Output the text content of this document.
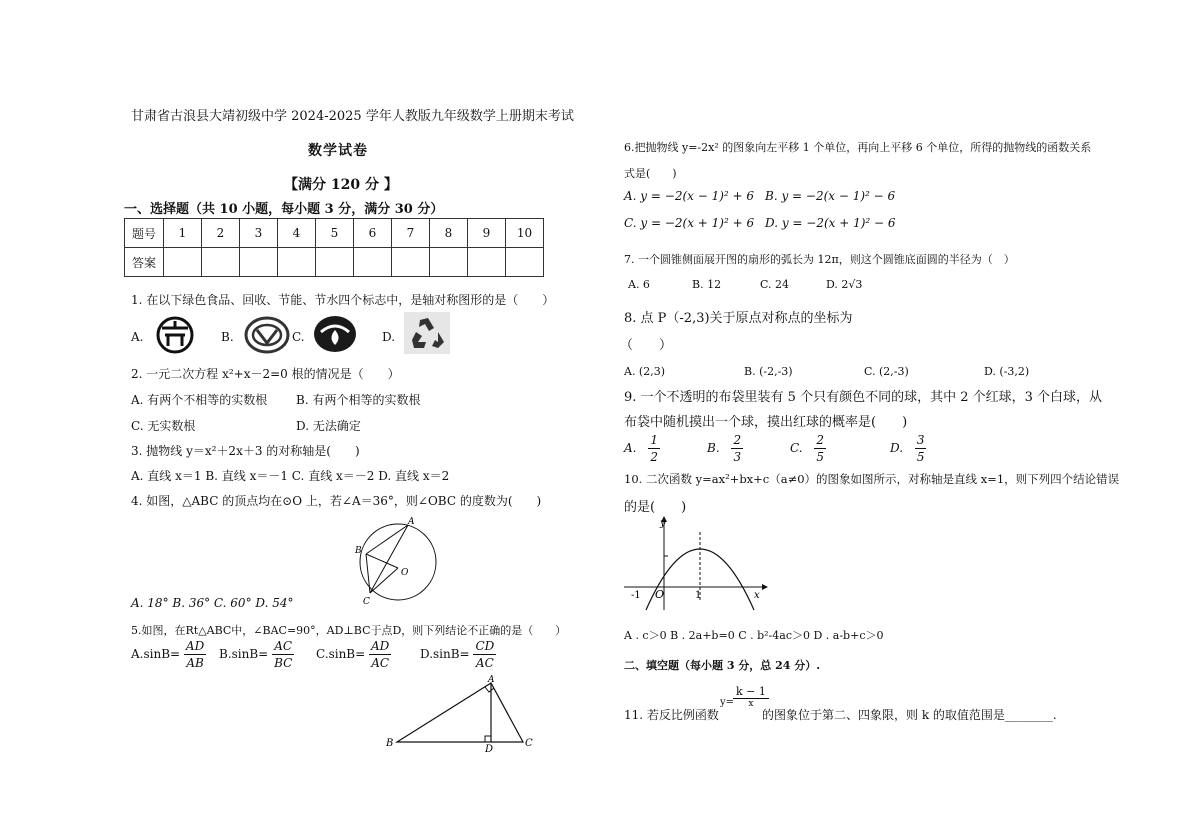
甘肃省古浪县大靖初级中学 2024-2025 学年人教版九年级数学上册期末考试
数学试卷
【满分 120 分 】
一、选择题（共 10 小题，每小题 3 分，满分 30 分）
题号	1	2	3	4	5	6	7	8	9	10
答案										
1. 在以下绿色食品、回收、节能、节水四个标志中，是轴对称图形的是（　　）
A.	B.	C.	D.
2. 一元二次方程 x²+x－2=0 根的情况是（　　）
A. 有两个不相等的实数根 B. 有两个相等的实数根
C. 无实数根	D. 无法确定
3. 抛物线 y＝x²＋2x＋3 的对称轴是(　　)
A. 直线 x＝1 B. 直线 x＝－1 C. 直线 x＝－2 D. 直线 x＝2
4. 如图，△ABC 的顶点均在⊙O 上，若∠A＝36°，则∠OBC 的度数为(　　)
A
B
C
O
A. 18° B. 36° C. 60° D. 54°
5.如图，在Rt△ABC中，∠BAC=90°，AD⊥BC于点D，则下列结论不正确的是（　　）
$A.\sin B= \frac{AD}{AB} B.\sin B= \frac{AC}{BC} C.\sin B= \frac{AD}{AC} D.\sin B= \frac{CD}{AC}$
B
A
C
D
6.把抛物线 y=-2x² 的图象向左平移 1 个单位，再向上平移 6 个单位，所得的抛物线的函数关系
式是(　　)
A. y = −2(x − 1)² + 6 B. y = −2(x − 1)² − 6
C. y = −2(x + 1)² + 6 D. y = −2(x + 1)² − 6
7. 一个圆锥侧面展开图的扇形的弧长为 12π，则这个圆锥底面圆的半径为（　）
A. 6	B. 12	C. 24	D. 2√3
8. 点 P（-2,3)关于原点对称点的坐标为
（　　）
A. (2,3)	B. (-2,-3)	C. (2,-3)	D. (-3,2)
9. 一个不透明的布袋里装有 5 个只有颜色不同的球，其中 2 个红球，3 个白球，从
布袋中随机摸出一个球，摸出红球的概率是(　　)
A. $\frac{1}{2}$	B. $\frac{2}{3}$	C. $\frac{2}{5}$	D. $\frac{3}{5}$
10. 二次函数 y=ax²+bx+c（a≠0）的图象如图所示，对称轴是直线 x=1，则下列四个结论错误
的是(　　)
y
x
O
-1	1
A . c＞0 B . 2a+b=0 C . b²-4ac＞0 D . a-b+c＞0
二、填空题（每小题 3 分，总 24 分）.
11. 若反比例函数
y=
k − 1
x
的图象位于第二、四象限，则 k 的取值范围是________.
